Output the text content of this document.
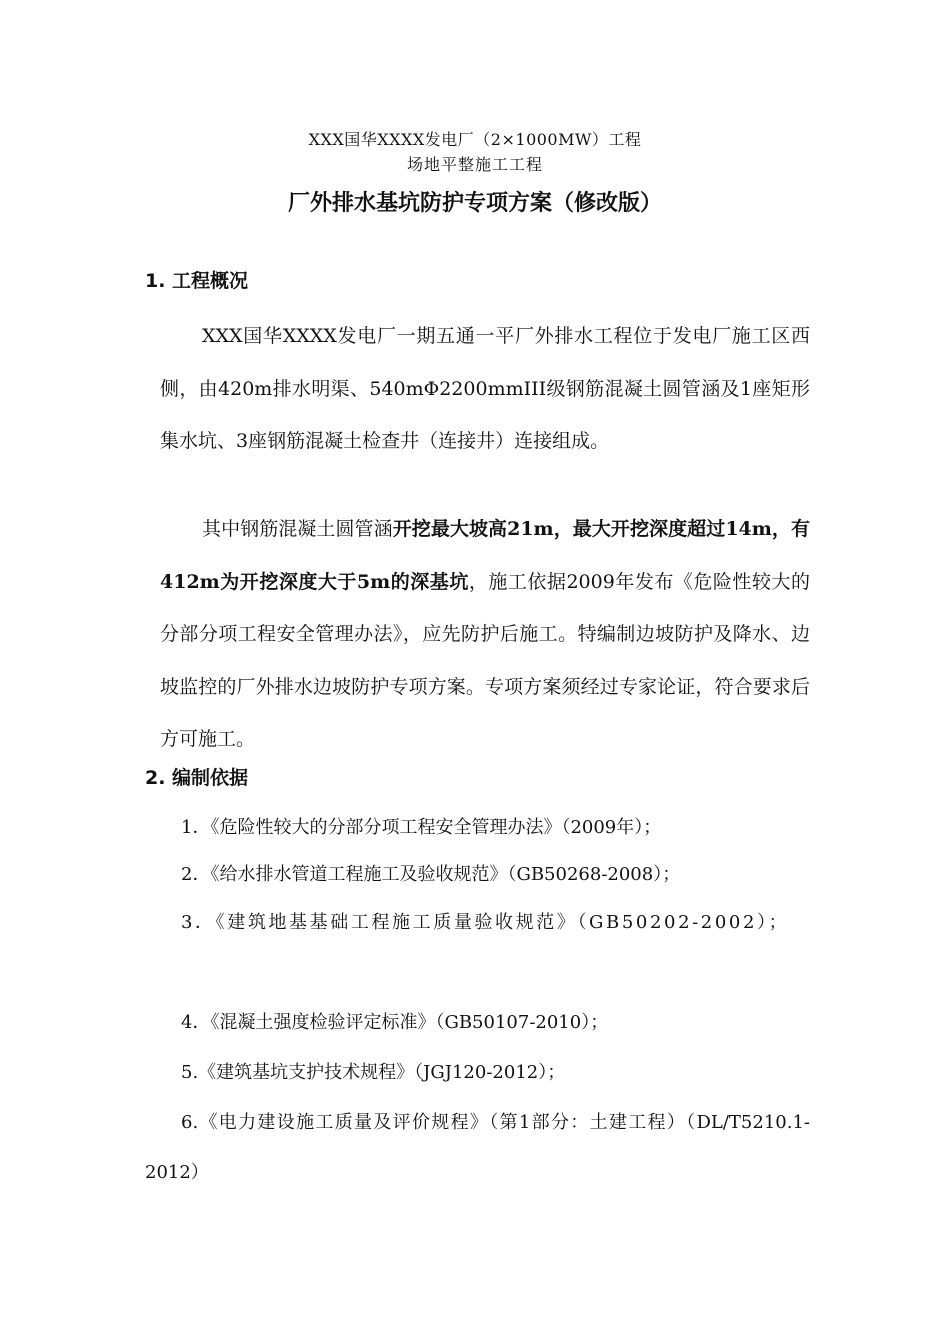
XXX国华XXXX发电厂（2×1000MW）工程
场地平整施工工程
厂外排水基坑防护专项方案（修改版）
1. 工程概况
XXX国华XXXX发电厂一期五通一平厂外排水工程位于发电厂施工区西侧，由420m排水明渠、540mΦ2200mmIII级钢筋混凝土圆管涵及1座矩形集水坑、3座钢筋混凝土检查井（连接井）连接组成。
其中钢筋混凝土圆管涵开挖最大坡高21m，最大开挖深度超过14m，有412m为开挖深度大于5m的深基坑，施工依据2009年发布《危险性较大的分部分项工程安全管理办法》，应先防护后施工。特编制边坡防护及降水、边坡监控的厂外排水边坡防护专项方案。专项方案须经过专家论证，符合要求后方可施工。
2. 编制依据
1．《危险性较大的分部分项工程安全管理办法》（2009年）；
2．《给水排水管道工程施工及验收规范》（GB50268-2008）；
3．《建筑地基基础工程施工质量验收规范》（GB50202-2002）；
4．《混凝土强度检验评定标准》（GB50107-2010）；
5.《建筑基坑支护技术规程》（JGJ120-2012）；
6.《电力建设施工质量及评价规程》（第1部分：土建工程）（DL/T5210.1-2012）
